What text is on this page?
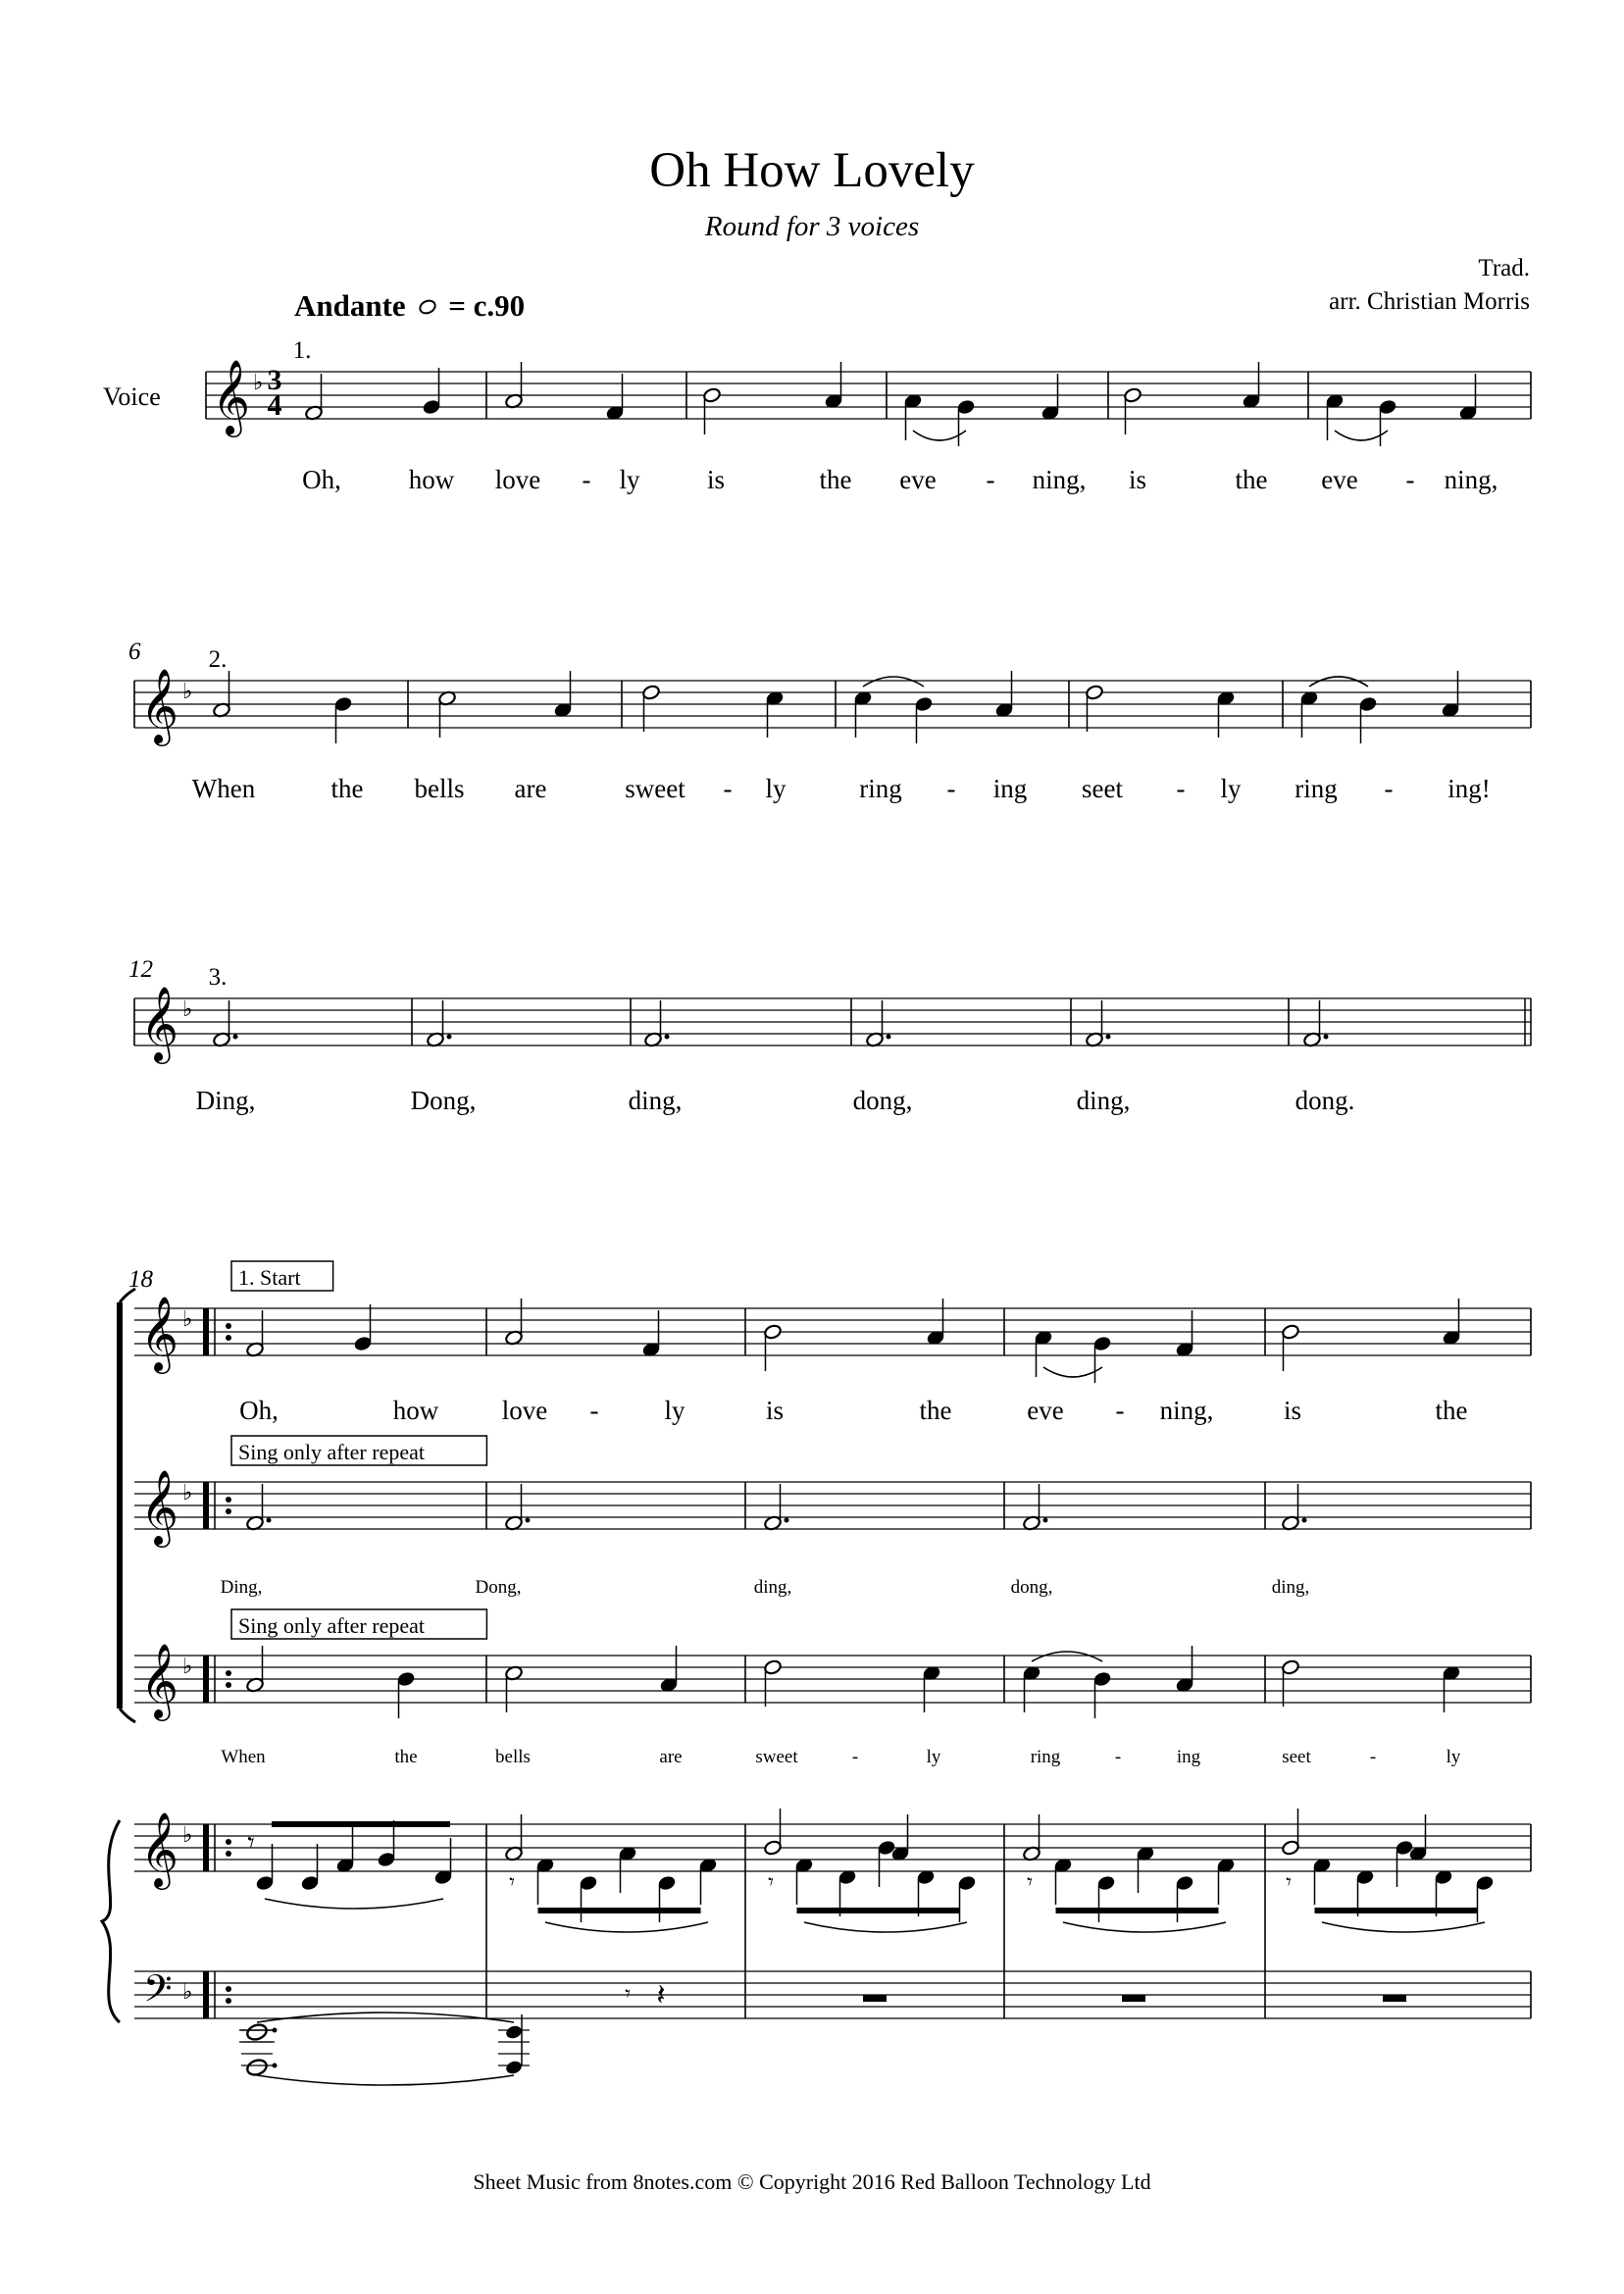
Oh How Lovely
Round for 3 voices
Trad.
arr. Christian Morris
Andante = c.90
Voice 𝄞 ♭ 3
4
1.
Oh,	how love - ly	is	the eve - ning, is	the eve - ning,
6	2.
𝄞 ♭
When	the bells are	sweet - ly	ring - ing seet - ly ring - ing!
12 3.
𝄞 ♭
Ding,	Dong,	ding,	dong,	ding,	dong.
18	1. Start
Sing only after repeat
Sing only after repeat
𝄞 ♭
𝄞 ♭
𝄞 ♭
𝄞 ♭
𝄢 ♭
Oh,	how love - ly	is	the	eve - ning,	is	the
Ding,	Dong,	ding,	dong,	ding,
When	the	bells	are	sweet	-	ly	ring	-	ing	seet	-	ly
𝄾
𝄾	𝄾	𝄾	𝄾
𝄾 𝄽
Sheet Music from 8notes.com © Copyright 2016 Red Balloon Technology Ltd
